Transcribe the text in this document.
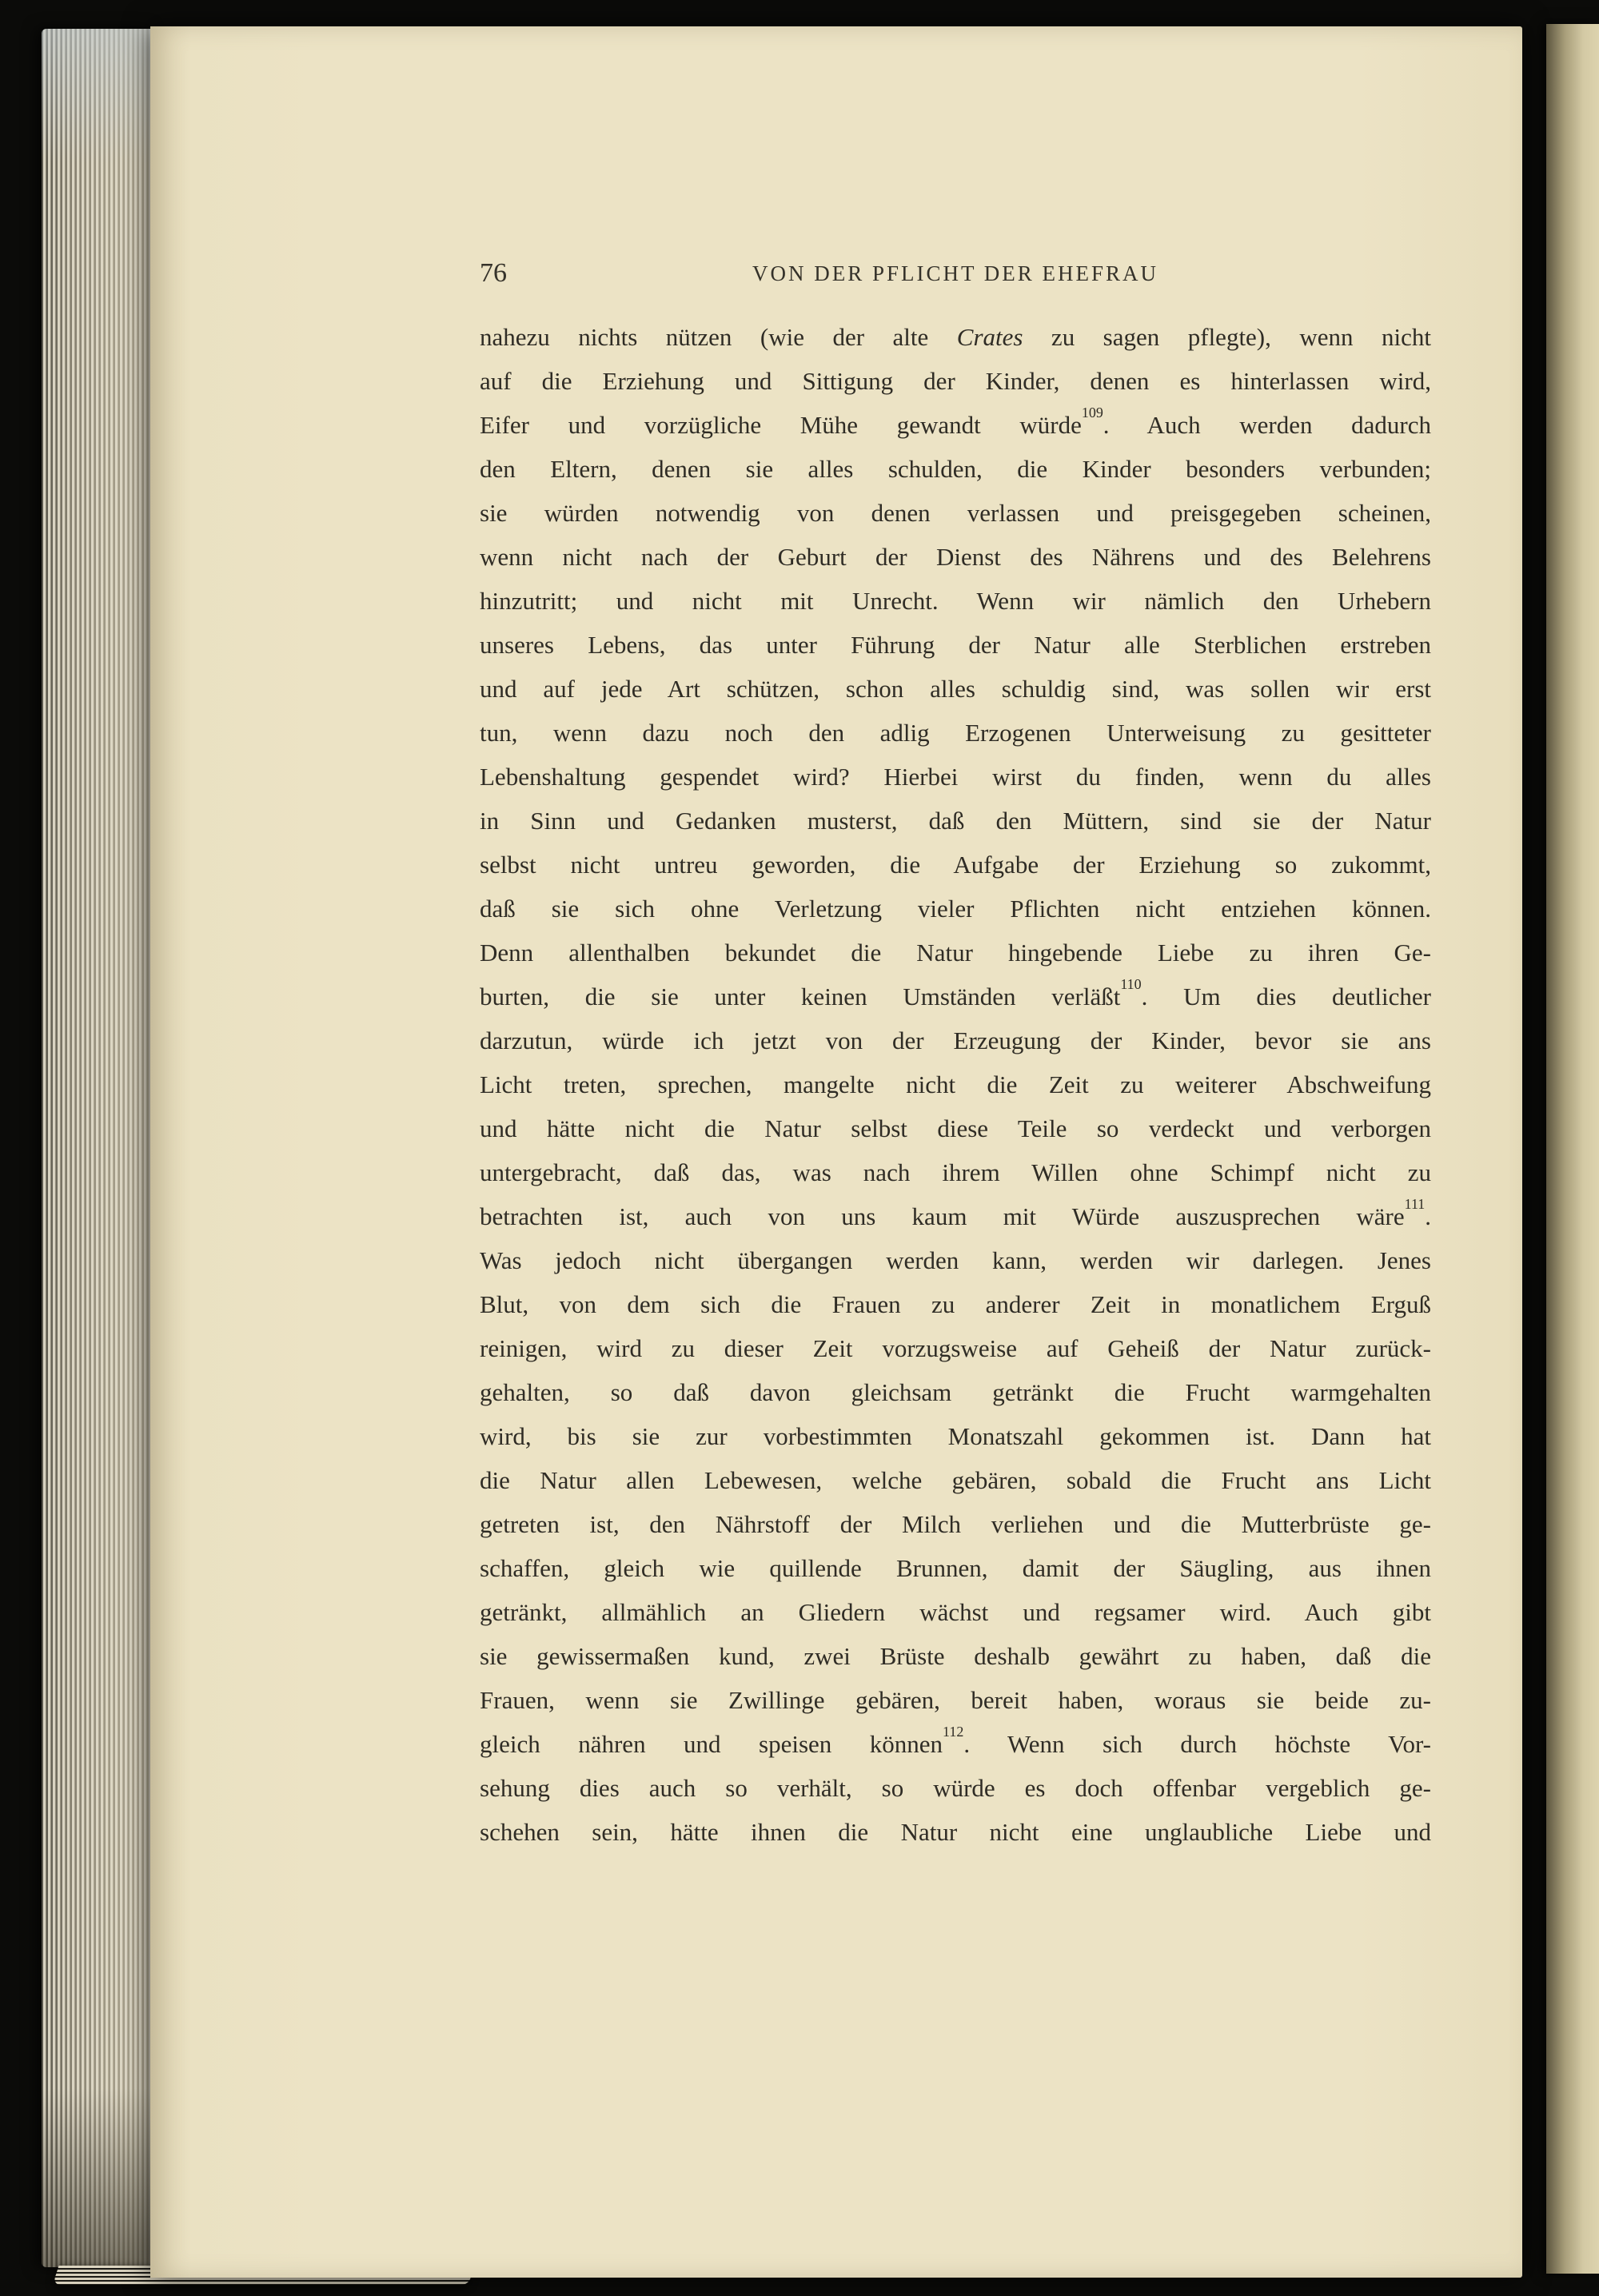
76	VON DER PFLICHT DER EHEFRAU
nahezu nichts nützen (wie der alte Crates zu sagen pflegte), wenn nicht
auf die Erziehung und Sittigung der Kinder, denen es hinterlassen wird,
Eifer und vorzügliche Mühe gewandt würde$^{109}$. Auch werden dadurch
den Eltern, denen sie alles schulden, die Kinder besonders verbunden;
sie würden notwendig von denen verlassen und preisgegeben scheinen,
wenn nicht nach der Geburt der Dienst des Nährens und des Belehrens
hinzutritt; und nicht mit Unrecht. Wenn wir nämlich den Urhebern
unseres Lebens, das unter Führung der Natur alle Sterblichen erstreben
und auf jede Art schützen, schon alles schuldig sind, was sollen wir erst
tun, wenn dazu noch den adlig Erzogenen Unterweisung zu gesitteter
Lebenshaltung gespendet wird? Hierbei wirst du finden, wenn du alles
in Sinn und Gedanken musterst, daß den Müttern, sind sie der Natur
selbst nicht untreu geworden, die Aufgabe der Erziehung so zukommt,
daß sie sich ohne Verletzung vieler Pflichten nicht entziehen können.
Denn allenthalben bekundet die Natur hingebende Liebe zu ihren Ge-
burten, die sie unter keinen Umständen verläßt$^{110}$. Um dies deutlicher
darzutun, würde ich jetzt von der Erzeugung der Kinder, bevor sie ans
Licht treten, sprechen, mangelte nicht die Zeit zu weiterer Abschweifung
und hätte nicht die Natur selbst diese Teile so verdeckt und verborgen
untergebracht, daß das, was nach ihrem Willen ohne Schimpf nicht zu
betrachten ist, auch von uns kaum mit Würde auszusprechen wäre$^{111}$.
Was jedoch nicht übergangen werden kann, werden wir darlegen. Jenes
Blut, von dem sich die Frauen zu anderer Zeit in monatlichem Erguß
reinigen, wird zu dieser Zeit vorzugsweise auf Geheiß der Natur zurück-
gehalten, so daß davon gleichsam getränkt die Frucht warmgehalten
wird, bis sie zur vorbestimmten Monatszahl gekommen ist. Dann hat
die Natur allen Lebewesen, welche gebären, sobald die Frucht ans Licht
getreten ist, den Nährstoff der Milch verliehen und die Mutterbrüste ge-
schaffen, gleich wie quillende Brunnen, damit der Säugling, aus ihnen
getränkt, allmählich an Gliedern wächst und regsamer wird. Auch gibt
sie gewissermaßen kund, zwei Brüste deshalb gewährt zu haben, daß die
Frauen, wenn sie Zwillinge gebären, bereit haben, woraus sie beide zu-
gleich nähren und speisen können$^{112}$. Wenn sich durch höchste Vor-
sehung dies auch so verhält, so würde es doch offenbar vergeblich ge-
schehen sein, hätte ihnen die Natur nicht eine unglaubliche Liebe und
